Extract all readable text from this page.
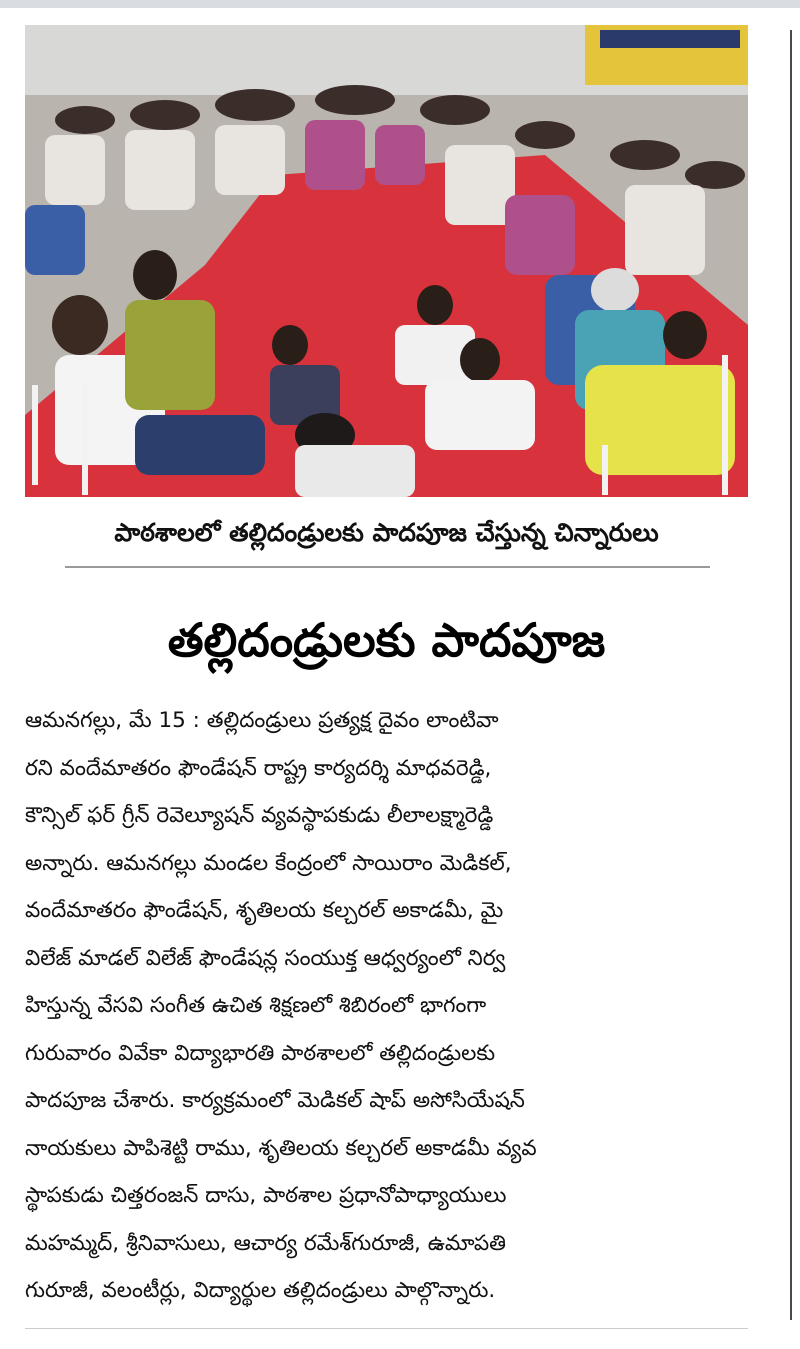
పాఠశాలలో తల్లిదండ్రులకు పాదపూజ చేస్తున్న చిన్నారులు
తల్లిదండ్రులకు పాదపూజ
ఆమనగల్లు, మే 15 : తల్లిదండ్రులు ప్రత్యక్ష దైవం లాంటివా
రని వందేమాతరం ఫౌండేషన్ రాష్ట్ర కార్యదర్శి మాధవరెడ్డి,
కౌన్సిల్ ఫర్ గ్రీన్ రెవెల్యూషన్ వ్యవస్థాపకుడు లీలాలక్ష్మారెడ్డి
అన్నారు. ఆమనగల్లు మండల కేంద్రంలో సాయిరాం మెడికల్,
వందేమాతరం ఫౌండేషన్, శృతిలయ కల్చరల్ అకాడమీ, మై
విలేజ్ మాడల్ విలేజ్ ఫౌండేషన్ల సంయుక్త ఆధ్వర్యంలో నిర్వ
హిస్తున్న వేసవి సంగీత ఉచిత శిక్షణలో శిబిరంలో భాగంగా
గురువారం వివేకా విద్యాభారతి పాఠశాలలో తల్లిదండ్రులకు
పాదపూజ చేశారు. కార్యక్రమంలో మెడికల్ షాప్ అసోసియేషన్
నాయకులు పాపిశెట్టి రాము, శృతిలయ కల్చరల్ అకాడమీ వ్యవ
స్థాపకుడు చిత్తరంజన్ దాసు, పాఠశాల ప్రధానోపాధ్యాయులు
మహమ్మద్, శ్రీనివాసులు, ఆచార్య రమేశ్‌గురూజీ, ఉమాపతి
గురూజీ, వలంటీర్లు, విద్యార్థుల తల్లిదండ్రులు పాల్గొన్నారు.
